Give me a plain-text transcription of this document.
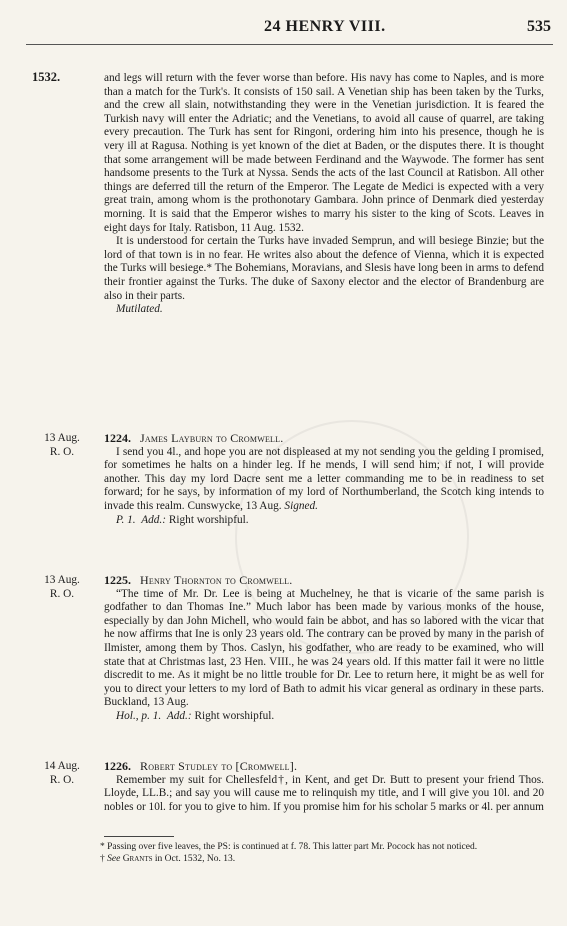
24 HENRY VIII.	535
1532.	and legs will return with the fever worse than before. His navy has come to Naples, and is more than a match for the Turk's. It consists of 150 sail. A Venetian ship has been taken by the Turks, and the crew all slain, notwithstanding they were in the Venetian jurisdiction. It is feared the Turkish navy will enter the Adriatic; and the Venetians, to avoid all cause of quarrel, are taking every precaution. The Turk has sent for Ringoni, ordering him into his presence, though he is very ill at Ragusa. Nothing is yet known of the diet at Baden, or the disputes there. It is thought that some arrangement will be made between Ferdinand and the Waywode. The former has sent handsome presents to the Turk at Nyssa. Sends the acts of the last Council at Ratisbon. All other things are deferred till the return of the Emperor. The Legate de Medici is expected with a very great train, among whom is the prothonotary Gambara. John prince of Denmark died yesterday morning. It is said that the Emperor wishes to marry his sister to the king of Scots. Leaves in eight days for Italy. Ratisbon, 11 Aug. 1532.

It is understood for certain the Turks have invaded Semprun, and will besiege Binzie; but the lord of that town is in no fear. He writes also about the defence of Vienna, which it is expected the Turks will besiege.* The Bohemians, Moravians, and Slesis have long been in arms to defend their frontier against the Turks. The duke of Saxony elector and the elector of Brandenburg are also in their parts.

Mutilated.

13 Aug.
R. O.
1224. James Layburn to Cromwell.

I send you 4l., and hope you are not displeased at my not sending you the gelding I promised, for sometimes he halts on a hinder leg. If he mends, I will send him; if not, I will provide another. This day my lord Dacre sent me a letter commanding me to be in readiness to set forward; for he says, by information of my lord of Northumberland, the Scotch king intends to invade this realm. Cunswycke, 13 Aug. Signed.

P. 1. Add.: Right worshipful.

13 Aug.
R. O.
1225. Henry Thornton to Cromwell.

“The time of Mr. Dr. Lee is being at Muchelney, he that is vicarie of the same parish is godfather to dan Thomas Ine.” Much labor has been made by various monks of the house, especially by dan John Michell, who would fain be abbot, and has so labored with the vicar that he now affirms that Ine is only 23 years old. The contrary can be proved by many in the parish of Ilmister, among them by Thos. Caslyn, his godfather, who are ready to be examined, who will state that at Christmas last, 23 Hen. VIII., he was 24 years old. If this matter fail it were no little discredit to me. As it might be no little trouble for Dr. Lee to return here, it might be as well for you to direct your letters to my lord of Bath to admit his vicar general as ordinary in these parts. Buckland, 13 Aug.

Hol., p. 1. Add.: Right worshipful.

14 Aug.
R. O.
1226. Robert Studley to [Cromwell].

Remember my suit for Chellesfeld†, in Kent, and get Dr. Butt to present your friend Thos. Lloyde, LL.B.; and say you will cause me to relinquish my title, and I will give you 10l. and 20 nobles or 10l. for you to give to him. If you promise him for his scholar 5 marks or 4l. per annum

* Passing over five leaves, the PS: is continued at f. 78. This latter part Mr. Pocock has not noticed.

† See Grants in Oct. 1532, No. 13.
